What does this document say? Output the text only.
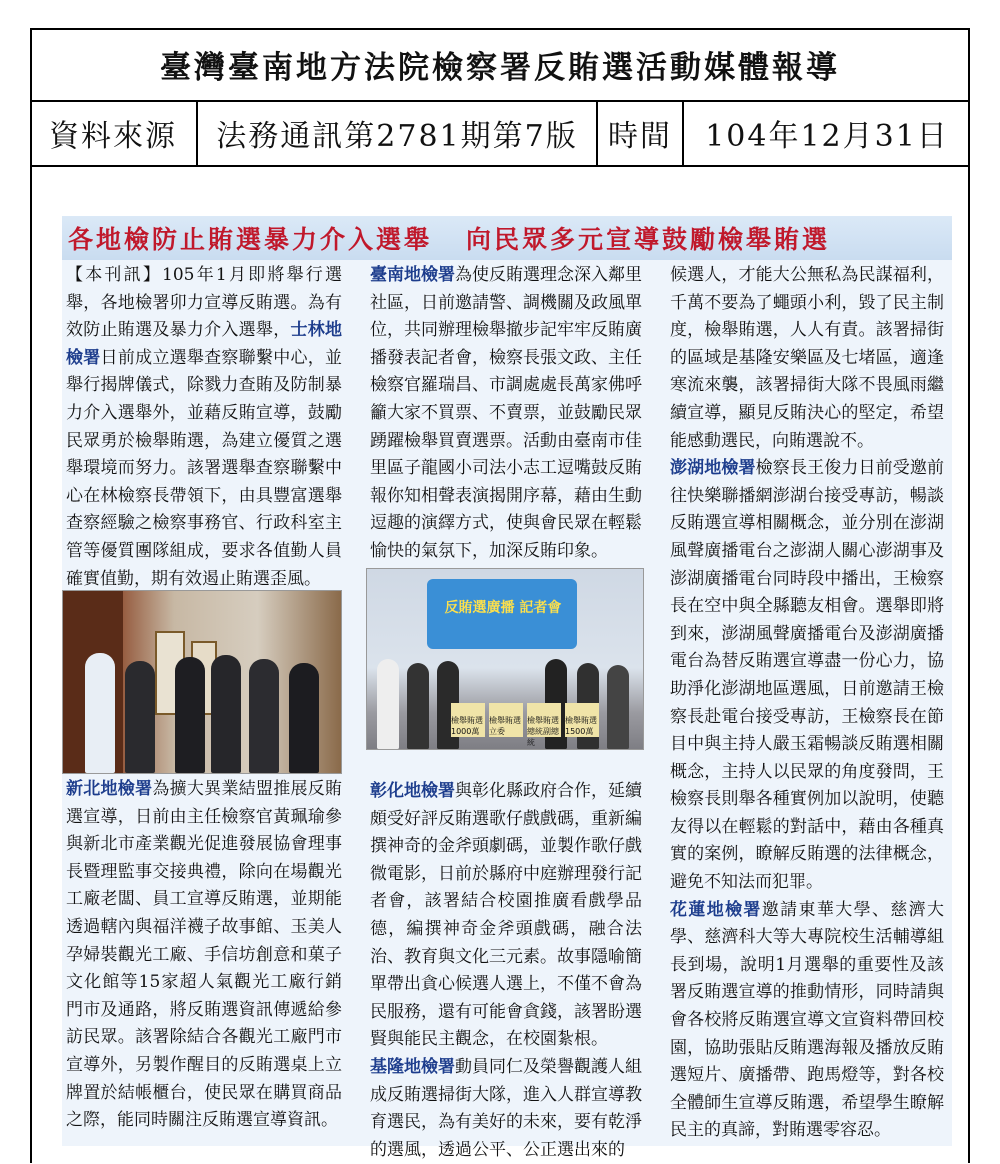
臺灣臺南地方法院檢察署反賄選活動媒體報導
資料來源	法務通訊第2781期第7版	時間	104年12月31日
各地檢防止賄選暴力介入選舉 向民眾多元宣導鼓勵檢舉賄選

【本刊訊】105年1月即將舉行選舉，各地檢署卯力宣導反賄選。為有效防止賄選及暴力介入選舉，士林地檢署日前成立選舉查察聯繫中心，並舉行揭牌儀式，除戮力查賄及防制暴力介入選舉外，並藉反賄宣導，鼓勵民眾勇於檢舉賄選，為建立優質之選舉環境而努力。該署選舉查察聯繫中心在林檢察長帶領下，由具豐富選舉查察經驗之檢察事務官、行政科室主管等優質團隊組成，要求各值勤人員確實值勤，期有效遏止賄選歪風。

新北地檢署為擴大異業結盟推展反賄選宣導，日前由主任檢察官黃珮瑜參與新北市產業觀光促進發展協會理事長暨理監事交接典禮，除向在場觀光工廠老闆、員工宣導反賄選，並期能透過轄內與福洋襪子故事館、玉美人孕婦裝觀光工廠、手信坊創意和菓子文化館等15家超人氣觀光工廠行銷門市及通路，將反賄選資訊傳遞給參訪民眾。該署除結合各觀光工廠門市宣導外，另製作醒目的反賄選桌上立牌置於結帳櫃台，使民眾在購買商品之際，能同時關注反賄選宣導資訊。

臺南地檢署為使反賄選理念深入鄰里社區，日前邀請警、調機關及政風單位，共同辦理檢舉撤步記牢牢反賄廣播發表記者會，檢察長張文政、主任檢察官羅瑞昌、市調處處長萬家佛呼籲大家不買票、不賣票，並鼓勵民眾踴躍檢舉買賣選票。活動由臺南市佳里區子龍國小司法小志工逗嘴鼓反賄報你知相聲表演揭開序幕，藉由生動逗趣的演繹方式，使與會民眾在輕鬆愉快的氣氛下，加深反賄印象。

反賄選廣播 記者會
檢舉賄選 1000萬
檢舉賄選 立委
檢舉賄選 總統副總統
檢舉賄選 1500萬

彰化地檢署與彰化縣政府合作，延續頗受好評反賄選歌仔戲戲碼，重新編撰神奇的金斧頭劇碼，並製作歌仔戲微電影，日前於縣府中庭辦理發行記者會，該署結合校園推廣看戲學品德，編撰神奇金斧頭戲碼，融合法治、教育與文化三元素。故事隱喻簡單帶出貪心候選人選上，不僅不會為民服務，還有可能會貪錢，該署盼選賢與能民主觀念，在校園紮根。

基隆地檢署動員同仁及榮譽觀護人組成反賄選掃街大隊，進入人群宣導教育選民，為有美好的未來，要有乾淨的選風，透過公平、公正選出來的

候選人，才能大公無私為民謀福利，千萬不要為了蠅頭小利，毀了民主制度，檢舉賄選，人人有責。該署掃街的區域是基隆安樂區及七堵區，適逢寒流來襲，該署掃街大隊不畏風雨繼續宣導，顯見反賄決心的堅定，希望能感動選民，向賄選說不。

澎湖地檢署檢察長王俊力日前受邀前往快樂聯播網澎湖台接受專訪，暢談反賄選宣導相關概念，並分別在澎湖風聲廣播電台之澎湖人關心澎湖事及澎湖廣播電台同時段中播出，王檢察長在空中與全縣聽友相會。選舉即將到來，澎湖風聲廣播電台及澎湖廣播電台為替反賄選宣導盡一份心力，協助淨化澎湖地區選風，日前邀請王檢察長赴電台接受專訪，王檢察長在節目中與主持人嚴玉霜暢談反賄選相關概念，主持人以民眾的角度發問，王檢察長則舉各種實例加以說明，使聽友得以在輕鬆的對話中，藉由各種真實的案例，瞭解反賄選的法律概念，避免不知法而犯罪。

花蓮地檢署邀請東華大學、慈濟大學、慈濟科大等大專院校生活輔導組長到場，說明1月選舉的重要性及該署反賄選宣導的推動情形，同時請與會各校將反賄選宣導文宣資料帶回校園，協助張貼反賄選海報及播放反賄選短片、廣播帶、跑馬燈等，對各校全體師生宣導反賄選，希望學生瞭解民主的真諦，對賄選零容忍。
